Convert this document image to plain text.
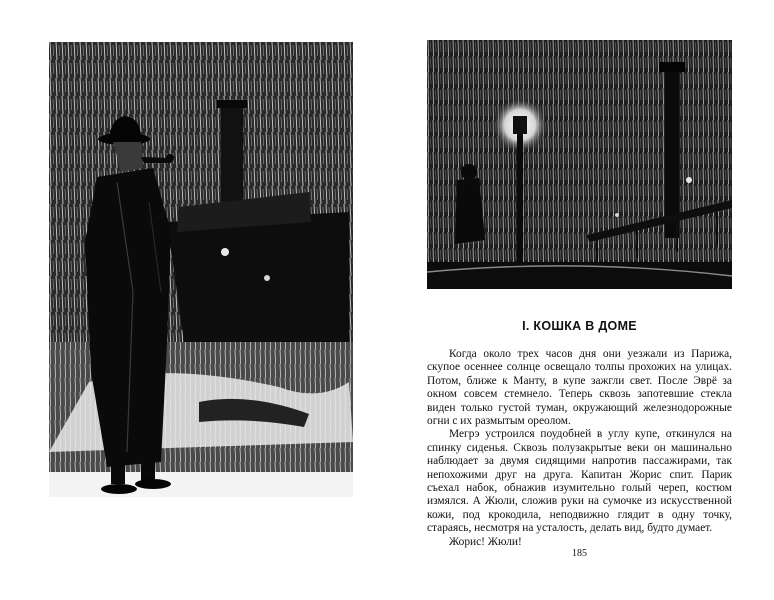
I. КОШКА В ДОМЕ

Когда около трех часов дня они уезжали из Парижа, скупое осеннее солнце освещало толпы прохожих на улицах. Потом, ближе к Манту, в купе зажгли свет. После Эврё за окном совсем стемнело. Теперь сквозь запотевшие стекла виден только густой туман, окружающий железнодорожные огни с их размытым ореолом.

Мегрэ устроился поудобней в углу купе, откинулся на спинку сиденья. Сквозь полузакрытые веки он машинально наблюдает за двумя сидящими напротив пассажирами, так непохожими друг на друга. Капитан Жорис спит. Парик съехал набок, обнажив изумительно голый череп, костюм измялся. А Жюли, сложив руки на сумочке из искусственной кожи, под крокодила, неподвижно глядит в одну точку, стараясь, несмотря на усталость, делать вид, будто думает.

Жорис! Жюли!

185
